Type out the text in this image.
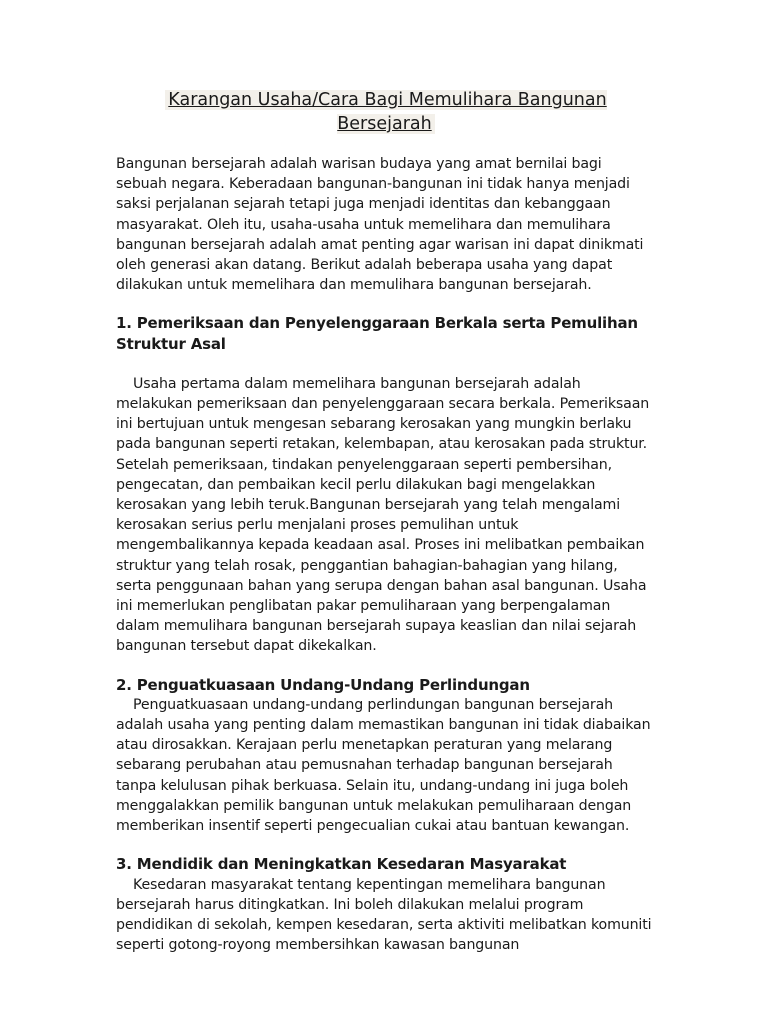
Karangan Usaha/Cara Bagi Memulihara Bangunan Bersejarah

Bangunan bersejarah adalah warisan budaya yang amat bernilai bagi sebuah negara. Keberadaan bangunan-bangunan ini tidak hanya menjadi saksi perjalanan sejarah tetapi juga menjadi identitas dan kebanggaan masyarakat. Oleh itu, usaha-usaha untuk memelihara dan memulihara bangunan bersejarah adalah amat penting agar warisan ini dapat dinikmati oleh generasi akan datang. Berikut adalah beberapa usaha yang dapat dilakukan untuk memelihara dan memulihara bangunan bersejarah.

1. Pemeriksaan dan Penyelenggaraan Berkala serta Pemulihan Struktur Asal

Usaha pertama dalam memelihara bangunan bersejarah adalah melakukan pemeriksaan dan penyelenggaraan secara berkala. Pemeriksaan ini bertujuan untuk mengesan sebarang kerosakan yang mungkin berlaku pada bangunan seperti retakan, kelembapan, atau kerosakan pada struktur. Setelah pemeriksaan, tindakan penyelenggaraan seperti pembersihan, pengecatan, dan pembaikan kecil perlu dilakukan bagi mengelakkan kerosakan yang lebih teruk.Bangunan bersejarah yang telah mengalami kerosakan serius perlu menjalani proses pemulihan untuk mengembalikannya kepada keadaan asal. Proses ini melibatkan pembaikan struktur yang telah rosak, penggantian bahagian-bahagian yang hilang, serta penggunaan bahan yang serupa dengan bahan asal bangunan. Usaha ini memerlukan penglibatan pakar pemuliharaan yang berpengalaman dalam memulihara bangunan bersejarah supaya keaslian dan nilai sejarah bangunan tersebut dapat dikekalkan.

2. Penguatkuasaan Undang-Undang Perlindungan

Penguatkuasaan undang-undang perlindungan bangunan bersejarah adalah usaha yang penting dalam memastikan bangunan ini tidak diabaikan atau dirosakkan. Kerajaan perlu menetapkan peraturan yang melarang sebarang perubahan atau pemusnahan terhadap bangunan bersejarah tanpa kelulusan pihak berkuasa. Selain itu, undang-undang ini juga boleh menggalakkan pemilik bangunan untuk melakukan pemuliharaan dengan memberikan insentif seperti pengecualian cukai atau bantuan kewangan.

3. Mendidik dan Meningkatkan Kesedaran Masyarakat

Kesedaran masyarakat tentang kepentingan memelihara bangunan bersejarah harus ditingkatkan. Ini boleh dilakukan melalui program pendidikan di sekolah, kempen kesedaran, serta aktiviti melibatkan komuniti seperti gotong-royong membersihkan kawasan bangunan
